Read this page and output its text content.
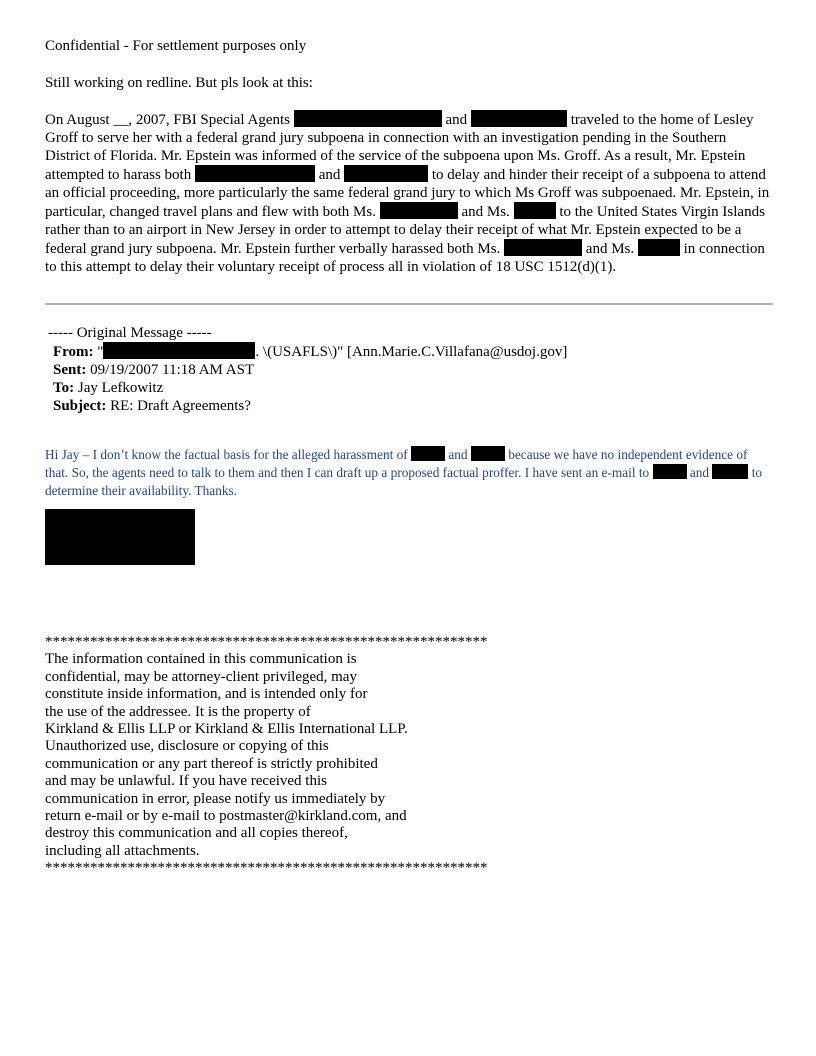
Confidential - For settlement purposes only

Still working on redline. But pls look at this:

On August __, 2007, FBI Special Agents	and	traveled to the home of Lesley Groff to serve her with a federal grand jury subpoena in connection with an investigation pending in the Southern District of Florida. Mr. Epstein was informed of the service of the subpoena upon Ms. Groff. As a result, Mr. Epstein attempted to harass both	and	to delay and hinder their receipt of a subpoena to attend an official proceeding, more particularly the same federal grand jury to which Ms Groff was subpoenaed. Mr. Epstein, in particular, changed travel plans and flew with both Ms.	and Ms.	to the United States Virgin Islands rather than to an airport in New Jersey in order to attempt to delay their receipt of what Mr. Epstein expected to be a federal grand jury subpoena. Mr. Epstein further verbally harassed both Ms.	and Ms.	in connection to this attempt to delay their voluntary receipt of process all in violation of 18 USC 1512(d)(1).

----- Original Message -----
From: "	. \(USAFLS\)" [Ann.Marie.C.Villafana@usdoj.gov]
Sent: 09/19/2007 11:18 AM AST
To: Jay Lefkowitz
Subject: RE: Draft Agreements?

Hi Jay – I don’t know the factual basis for the alleged harassment of	and	because we have no independent evidence of that. So, the agents need to talk to them and then I can draft up a proposed factual proffer. I have sent an e-mail to	and	to determine their availability. Thanks.

***********************************************************
The information contained in this communication is
confidential, may be attorney-client privileged, may
constitute inside information, and is intended only for
the use of the addressee. It is the property of
Kirkland & Ellis LLP or Kirkland & Ellis International LLP.
Unauthorized use, disclosure or copying of this
communication or any part thereof is strictly prohibited
and may be unlawful. If you have received this
communication in error, please notify us immediately by
return e-mail or by e-mail to postmaster@kirkland.com, and
destroy this communication and all copies thereof,
including all attachments.
***********************************************************
